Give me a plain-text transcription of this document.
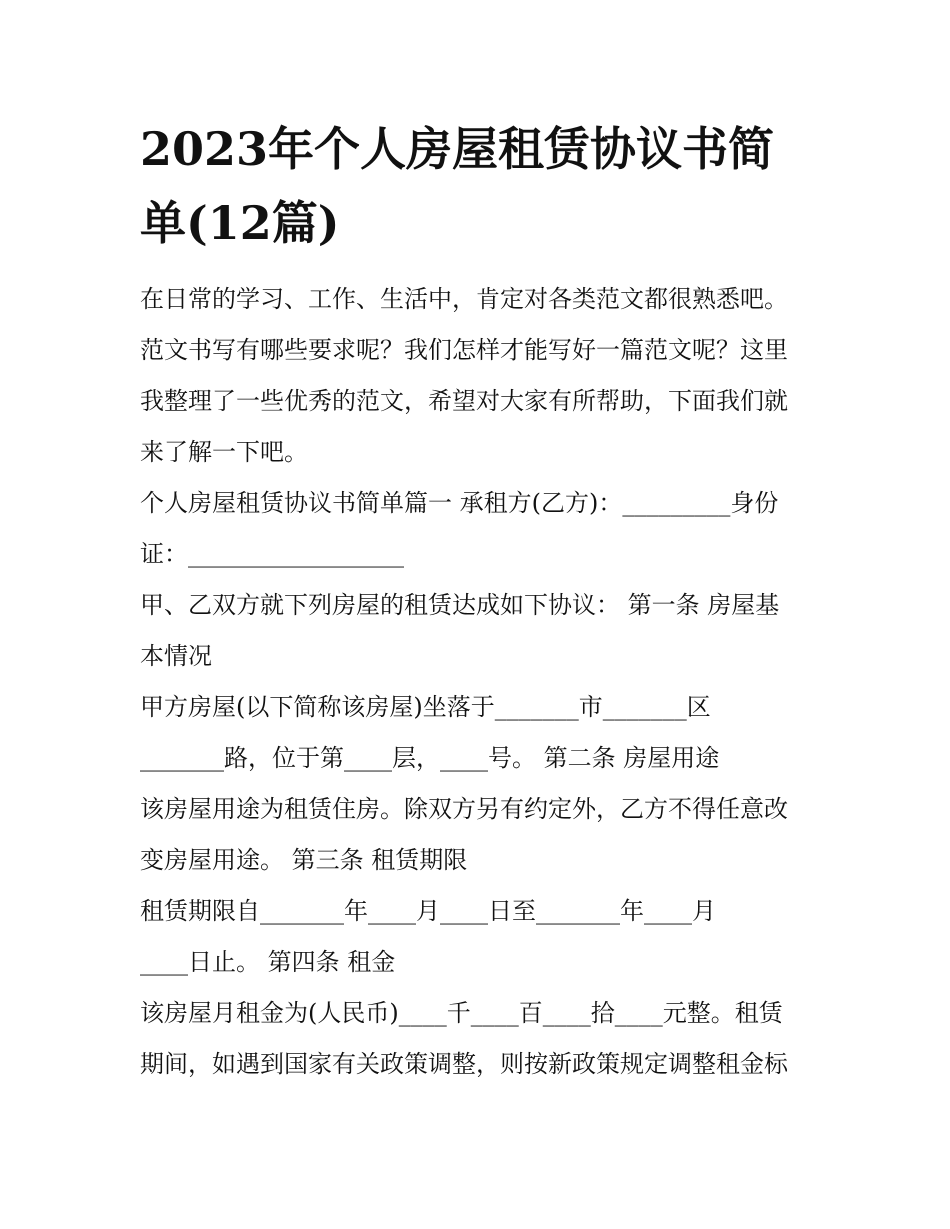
2023年个人房屋租赁协议书简
单(12篇)
在日常的学习、工作、生活中，肯定对各类范文都很熟悉吧。
范文书写有哪些要求呢？我们怎样才能写好一篇范文呢？这里
我整理了一些优秀的范文，希望对大家有所帮助，下面我们就
来了解一下吧。
个人房屋租赁协议书简单篇一 承租方(乙方)：_________身份
证：__________________
甲、乙双方就下列房屋的租赁达成如下协议： 第一条 房屋基
本情况
甲方房屋(以下简称该房屋)坐落于_______市_______区
_______路，位于第____层，____号。 第二条 房屋用途
该房屋用途为租赁住房。除双方另有约定外，乙方不得任意改
变房屋用途。 第三条 租赁期限
租赁期限自_______年____月____日至_______年____月
____日止。 第四条 租金
该房屋月租金为(人民币)____千____百____拾____元整。租赁
期间，如遇到国家有关政策调整，则按新政策规定调整租金标
